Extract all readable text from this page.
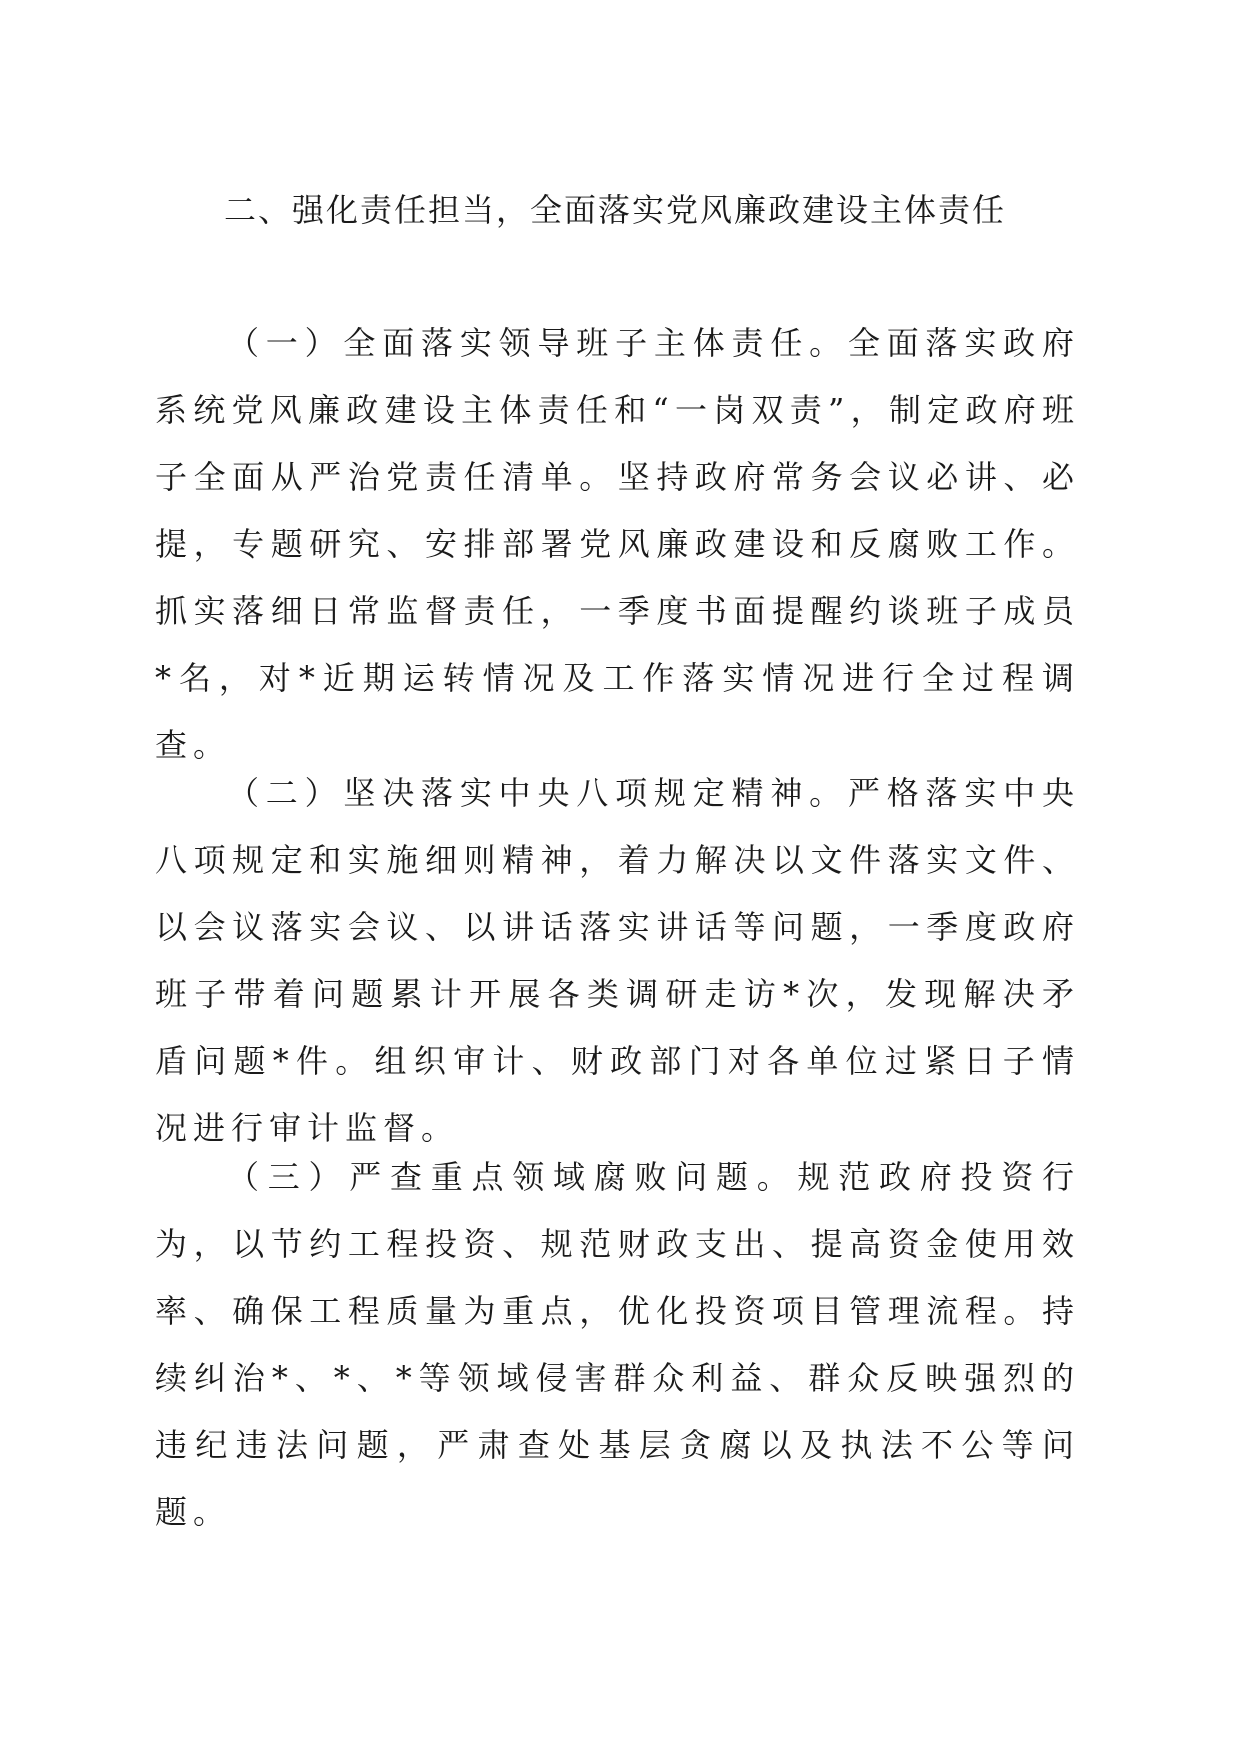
二、强化责任担当，全面落实党风廉政建设主体责任

（一）全面落实领导班子主体责任。全面落实政府系统党风廉政建设主体责任和“一岗双责”，制定政府班子全面从严治党责任清单。坚持政府常务会议必讲、必提，专题研究、安排部署党风廉政建设和反腐败工作。抓实落细日常监督责任，一季度书面提醒约谈班子成员*名，对*近期运转情况及工作落实情况进行全过程调查。

（二）坚决落实中央八项规定精神。严格落实中央八项规定和实施细则精神，着力解决以文件落实文件、以会议落实会议、以讲话落实讲话等问题，一季度政府班子带着问题累计开展各类调研走访*次，发现解决矛盾问题*件。组织审计、财政部门对各单位过紧日子情况进行审计监督。

（三）严查重点领域腐败问题。规范政府投资行为，以节约工程投资、规范财政支出、提高资金使用效率、确保工程质量为重点，优化投资项目管理流程。持续纠治*、*、*等领域侵害群众利益、群众反映强烈的违纪违法问题，严肃查处基层贪腐以及执法不公等问题。
